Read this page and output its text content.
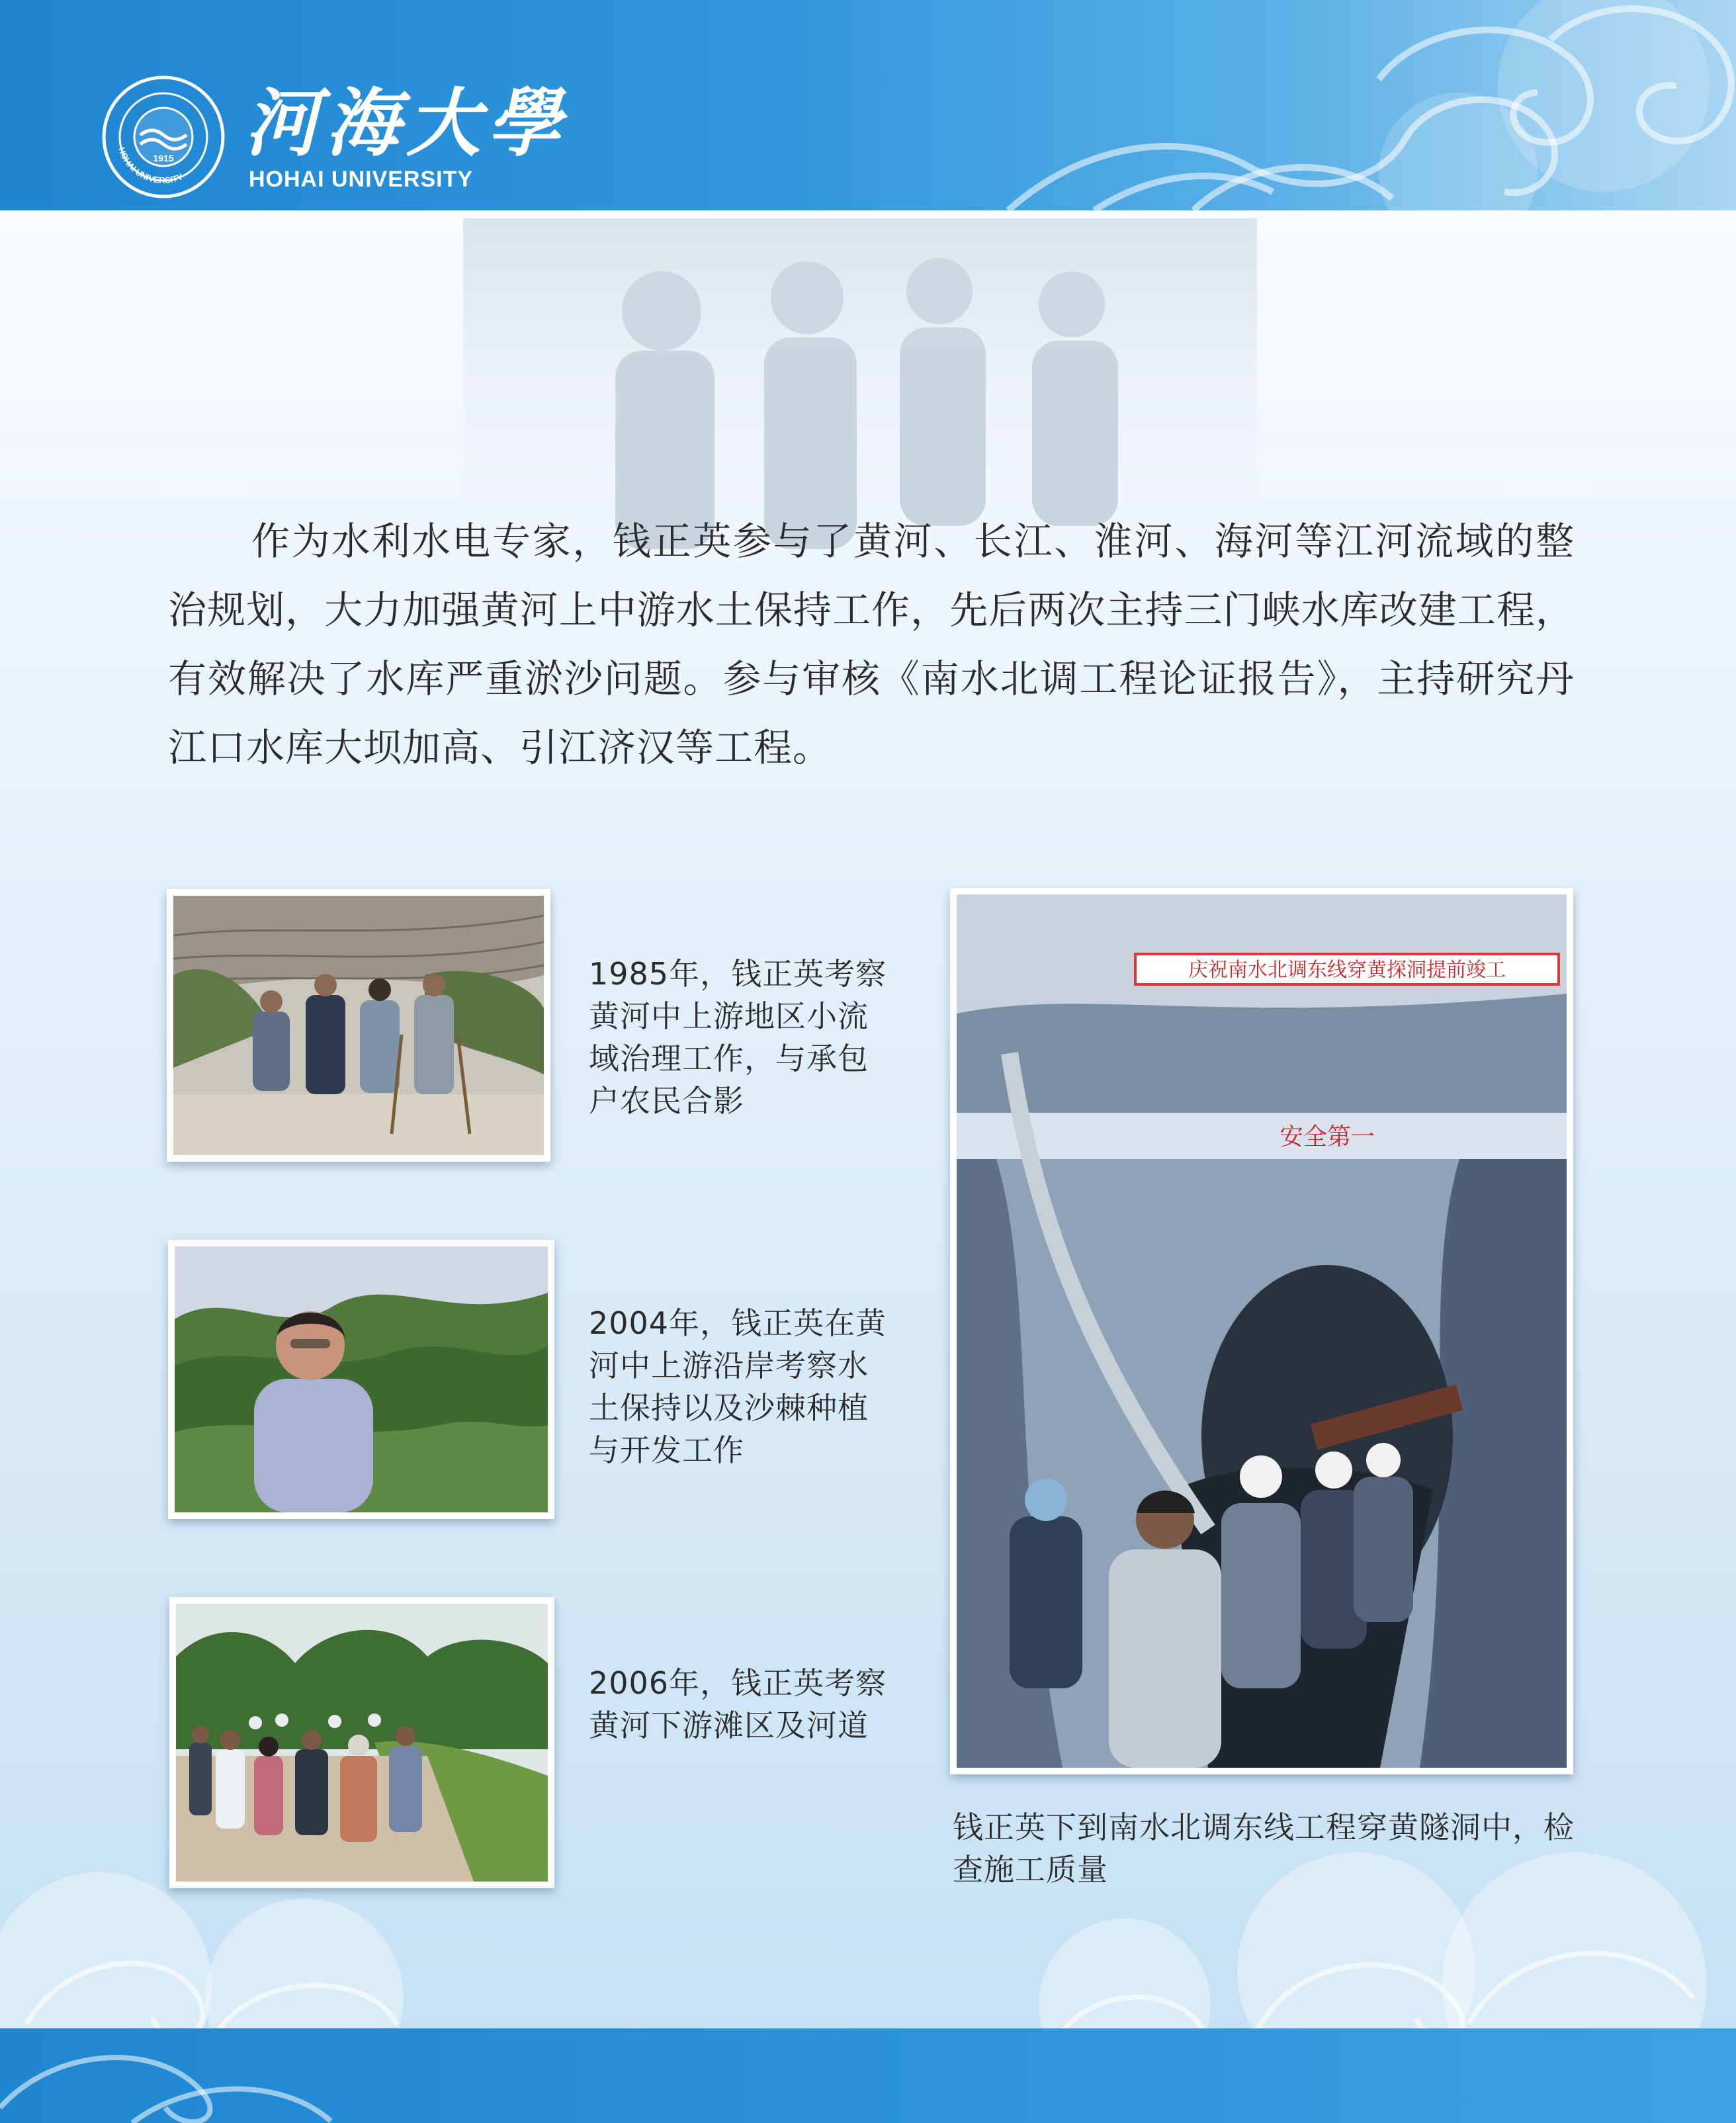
1915
HOHAI UNIVERSITY
河海大學
HOHAI UNIVERSITY

作为水利水电专家，钱正英参与了黄河、长江、淮河、海河等江河流域的整治规划，大力加强黄河上中游水土保持工作，先后两次主持三门峡水库改建工程，有效解决了水库严重淤沙问题。参与审核《南水北调工程论证报告》，主持研究丹江口水库大坝加高、引江济汉等工程。

1985年，钱正英考察黄河中上游地区小流域治理工作，与承包户农民合影

2004年，钱正英在黄河中上游沿岸考察水土保持以及沙棘种植与开发工作

2006年，钱正英考察黄河下游滩区及河道

庆祝南水北调东线穿黄探洞提前竣工
安全第一

钱正英下到南水北调东线工程穿黄隧洞中，检查施工质量
